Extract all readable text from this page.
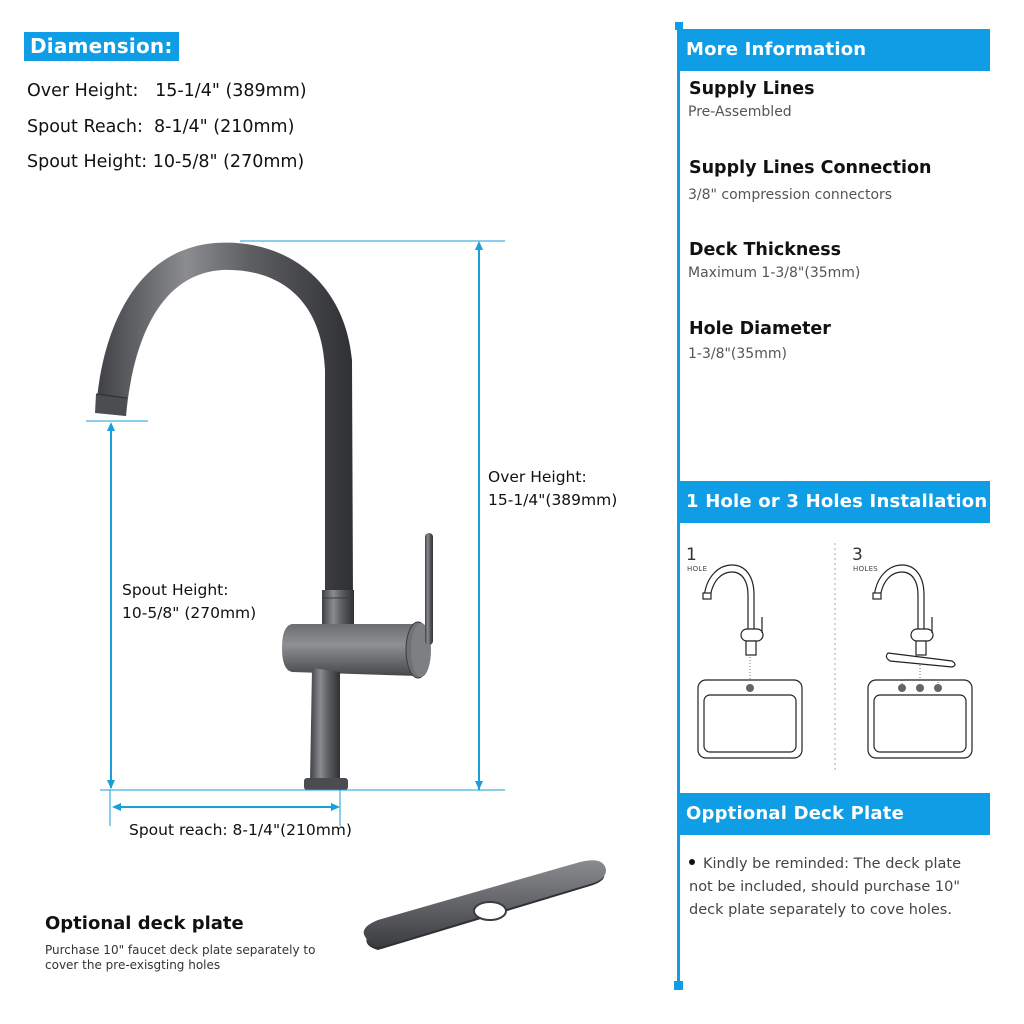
Diamension:
Over Height:   15-1/4" (389mm)
Spout Reach:  8-1/4" (210mm)
Spout Height: 10-5/8" (270mm)
Over Height:
15-1/4"(389mm)
Spout Height:
10-5/8" (270mm)
Spout reach: 8-1/4"(210mm)
Optional deck plate
Purchase 10" faucet deck plate separately to cover the pre-exisgting holes
More Information
Supply Lines
Pre-Assembled
Supply Lines Connection
3/8" compression connectors
Deck Thickness
Maximum 1-3/8"(35mm)
Hole Diameter
1-3/8"(35mm)
1 Hole or 3 Holes Installation
1
HOLE
3
HOLES
Opptional Deck Plate
Kindly be reminded: The deck plate not be included, should purchase 10" deck plate separately to cove holes.
